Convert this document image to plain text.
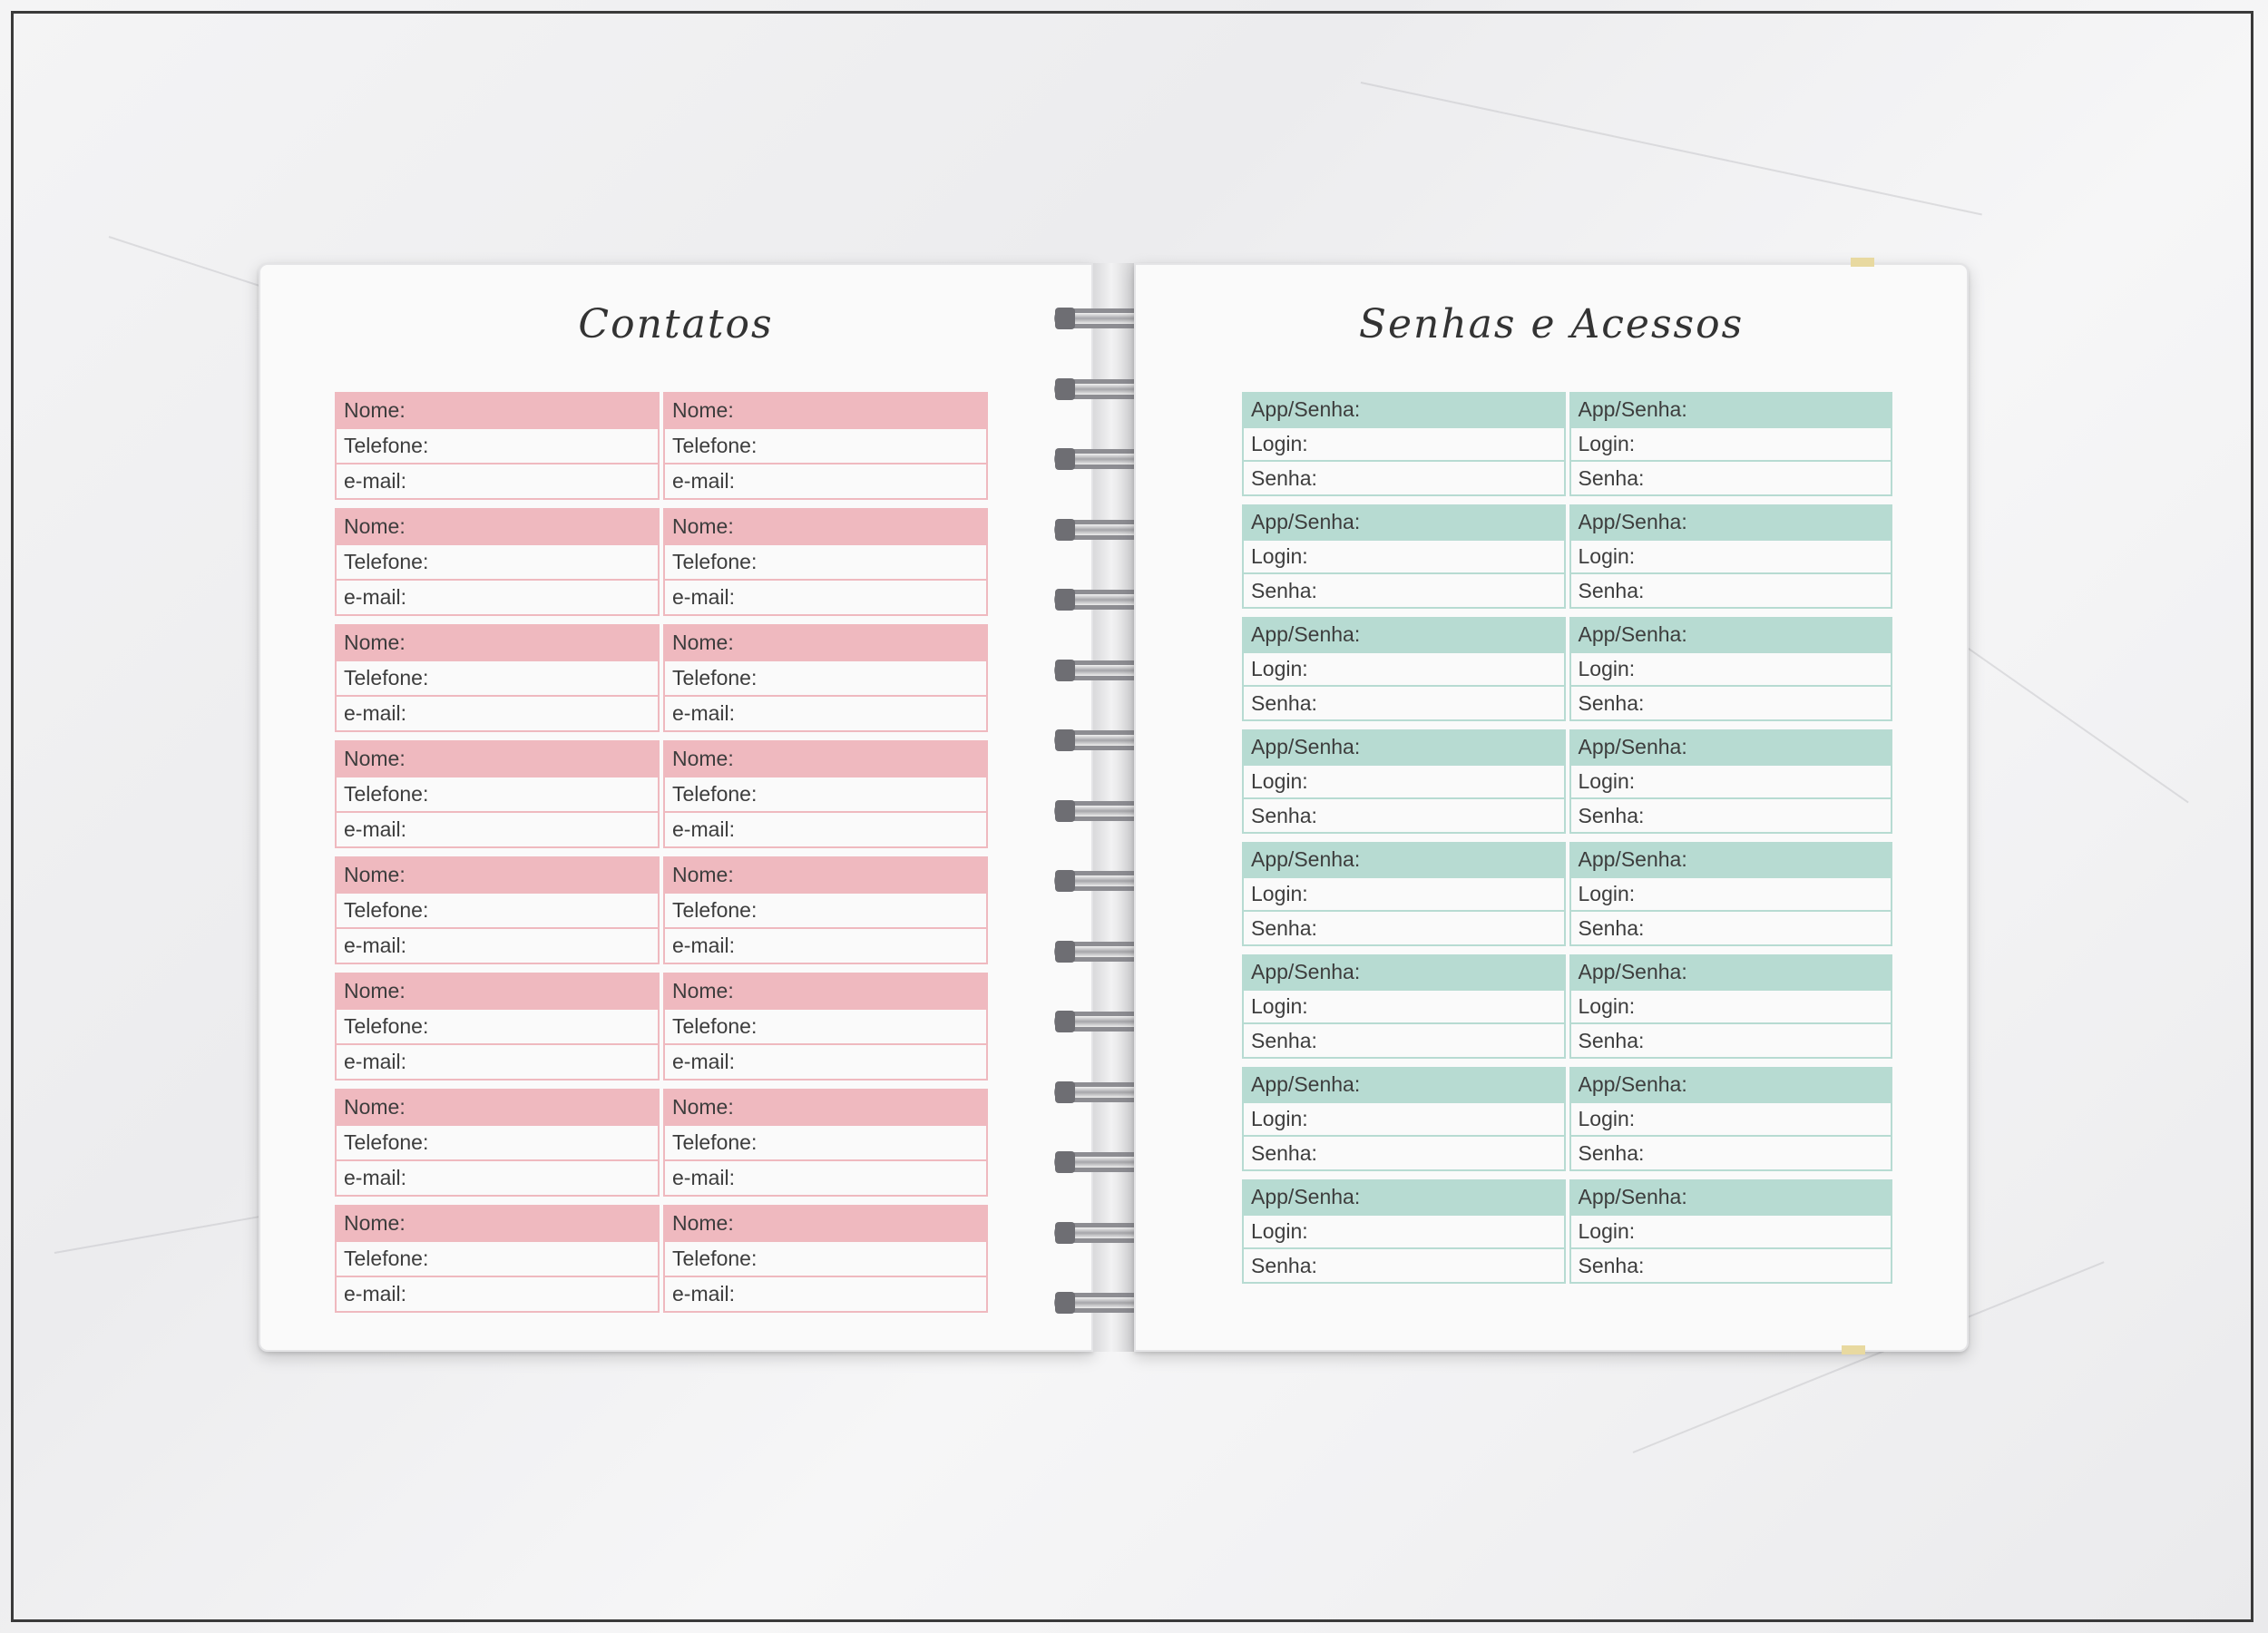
Contatos
Nome:
Telefone:
e-mail:
Nome:
Telefone:
e-mail:
Nome:
Telefone:
e-mail:
Nome:
Telefone:
e-mail:
Nome:
Telefone:
e-mail:
Nome:
Telefone:
e-mail:
Nome:
Telefone:
e-mail:
Nome:
Telefone:
e-mail:
Nome:
Telefone:
e-mail:
Nome:
Telefone:
e-mail:
Nome:
Telefone:
e-mail:
Nome:
Telefone:
e-mail:
Nome:
Telefone:
e-mail:
Nome:
Telefone:
e-mail:
Nome:
Telefone:
e-mail:
Nome:
Telefone:
e-mail:
Senhas e Acessos
App/Senha:
Login:
Senha:
App/Senha:
Login:
Senha:
App/Senha:
Login:
Senha:
App/Senha:
Login:
Senha:
App/Senha:
Login:
Senha:
App/Senha:
Login:
Senha:
App/Senha:
Login:
Senha:
App/Senha:
Login:
Senha:
App/Senha:
Login:
Senha:
App/Senha:
Login:
Senha:
App/Senha:
Login:
Senha:
App/Senha:
Login:
Senha:
App/Senha:
Login:
Senha:
App/Senha:
Login:
Senha:
App/Senha:
Login:
Senha:
App/Senha:
Login:
Senha:
